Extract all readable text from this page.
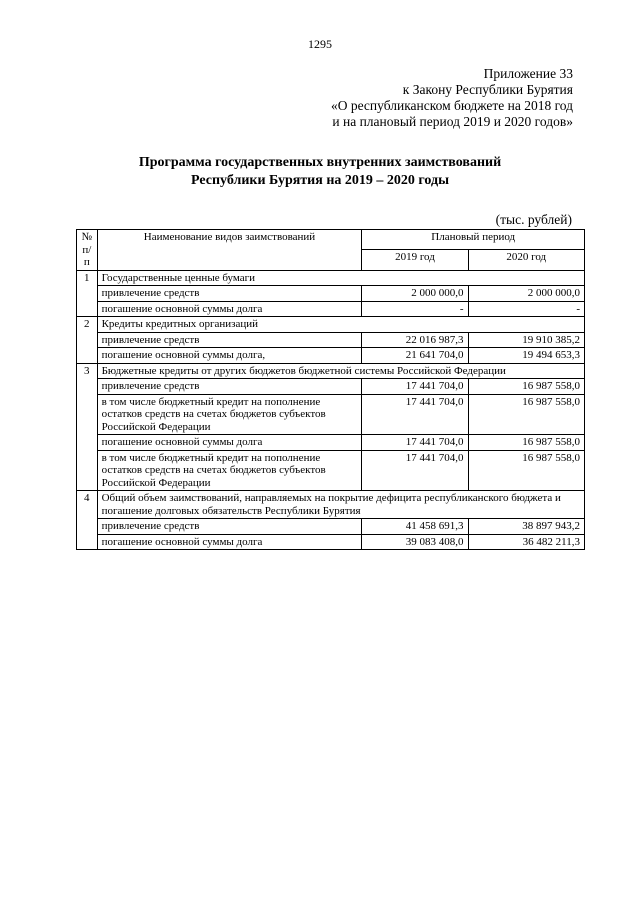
1295
Приложение 33
к Закону Республики Бурятия
«О республиканском бюджете на 2018 год
и на плановый период 2019 и 2020 годов»
Программа государственных внутренних заимствований
Республики Бурятия на 2019 – 2020 годы
(тыс. рублей)
№
п/п	Наименование видов заимствований	Плановый период	
		2019 год	2020 год
1	Государственные ценные бумаги		
	привлечение средств	2 000 000,0	2 000 000,0
	погашение основной суммы долга	-	-
2	Кредиты кредитных организаций		
	привлечение средств	22 016 987,3	19 910 385,2
	погашение основной суммы долга,	21 641 704,0	19 494 653,3
3	Бюджетные кредиты от других бюджетов бюджетной системы Российской Федерации		
	привлечение средств	17 441 704,0	16 987 558,0
	в том числе бюджетный кредит на пополнение остатков средств на счетах бюджетов субъектов Российской Федерации	17 441 704,0	16 987 558,0
	погашение основной суммы долга	17 441 704,0	16 987 558,0
	в том числе бюджетный кредит на пополнение остатков средств на счетах бюджетов субъектов Российской Федерации	17 441 704,0	16 987 558,0
4	Общий объем заимствований, направляемых на покрытие дефицита республиканского бюджета и погашение долговых обязательств Республики Бурятия		
	привлечение средств	41 458 691,3	38 897 943,2
	погашение основной суммы долга	39 083 408,0	36 482 211,3
